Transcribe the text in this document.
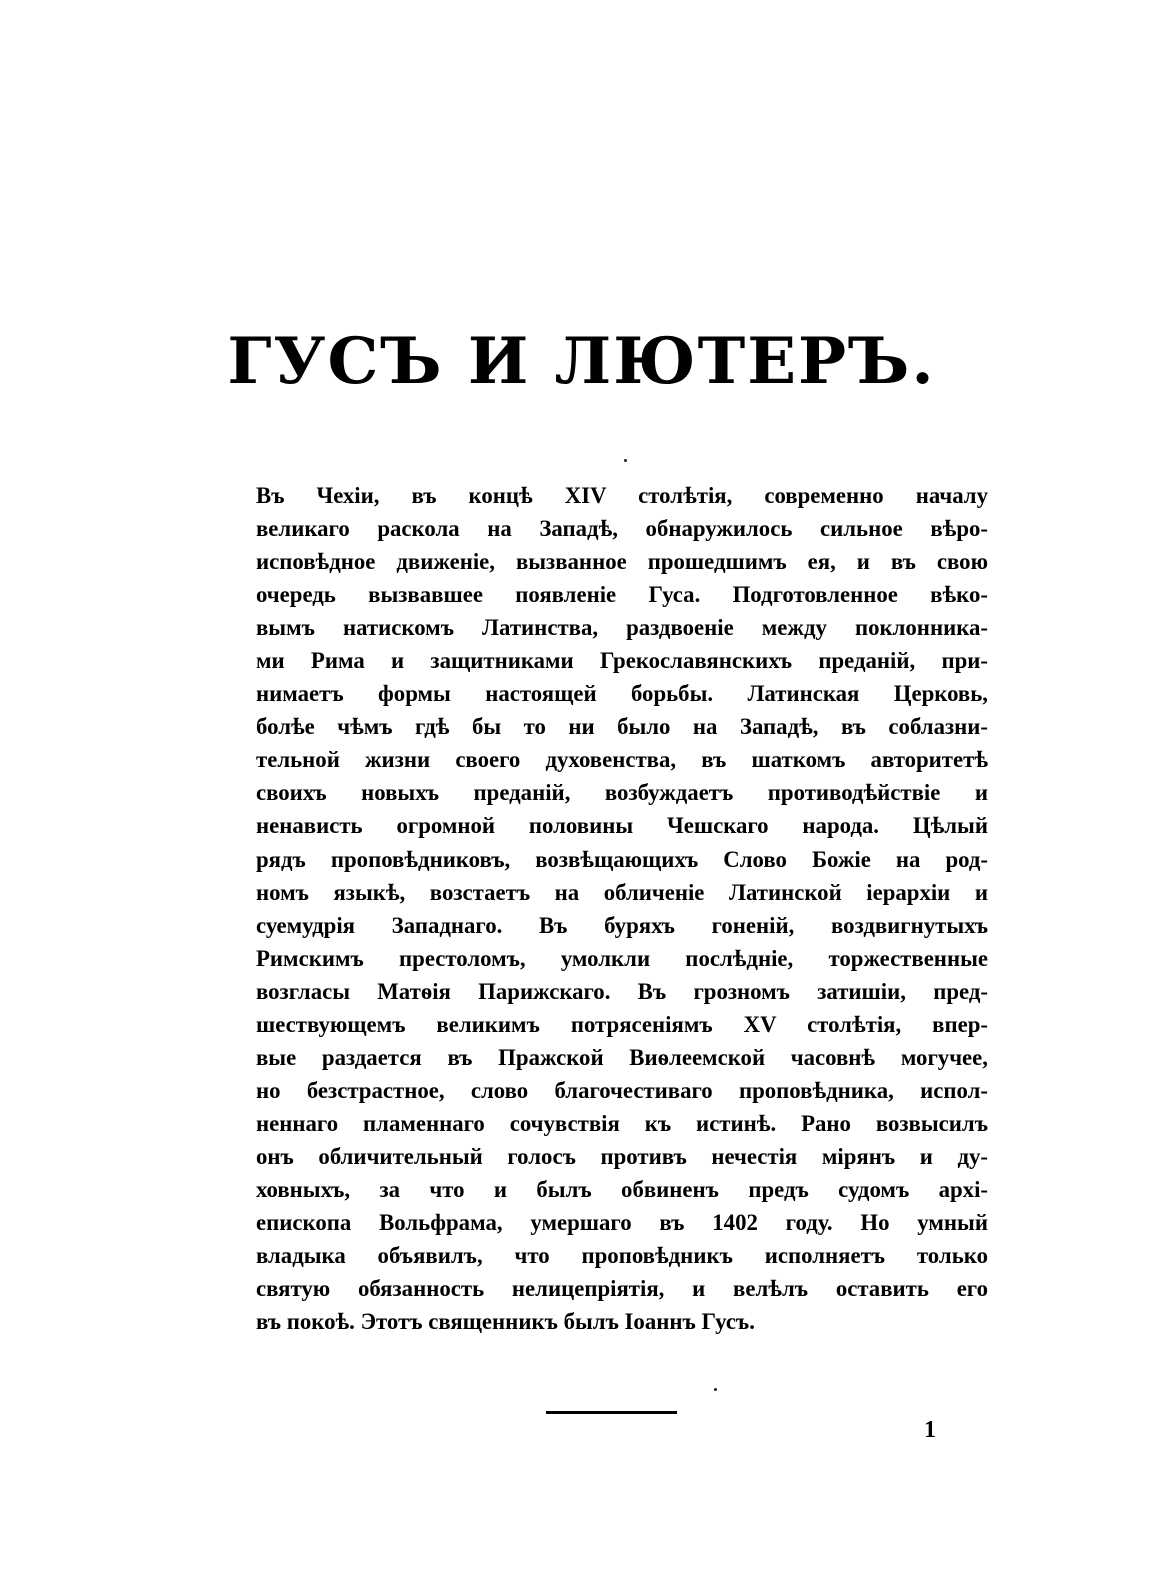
ГУСЪ И ЛЮТЕРЪ.
Въ Чехіи, въ концѣ XIV столѣтія, современно началу
великаго раскола на Западѣ, обнаружилось сильное вѣро-
исповѣдное движеніе, вызванное прошедшимъ ея, и въ свою
очередь вызвавшее появленіе Гуса. Подготовленное вѣко-
вымъ натискомъ Латинства, раздвоеніе между поклонника-
ми Рима и защитниками Грекославянскихъ преданій, при-
нимаетъ формы настоящей борьбы. Латинская Церковь,
болѣе чѣмъ гдѣ бы то ни было на Западѣ, въ соблазни-
тельной жизни своего духовенства, въ шаткомъ авторитетѣ
своихъ новыхъ преданій, возбуждаетъ противодѣйствіе и
ненависть огромной половины Чешскаго народа. Цѣлый
рядъ проповѣдниковъ, возвѣщающихъ Слово Божіе на род-
номъ языкѣ, возстаетъ на обличеніе Латинской іерархіи и
суемудрія Западнаго. Въ буряхъ гоненій, воздвигнутыхъ
Римскимъ престоломъ, умолкли послѣдніе, торжественные
возгласы Матѳія Парижскаго. Въ грозномъ затишіи, пред-
шествующемъ великимъ потрясеніямъ XV столѣтія, впер-
вые раздается въ Пражской Виѳлеемской часовнѣ могучее,
но безстрастное, слово благочестиваго проповѣдника, испол-
неннаго пламеннаго сочувствія къ истинѣ. Рано возвысилъ
онъ обличительный голосъ противъ нечестія мірянъ и ду-
ховныхъ, за что и былъ обвиненъ предъ судомъ архі-
епископа Вольфрама, умершаго въ 1402 году. Но умный
владыка объявилъ, что проповѣдникъ исполняетъ только
святую обязанность нелицепріятія, и велѣлъ оставить его
въ покоѣ. Этотъ священникъ былъ Іоаннъ Гусъ.
1
